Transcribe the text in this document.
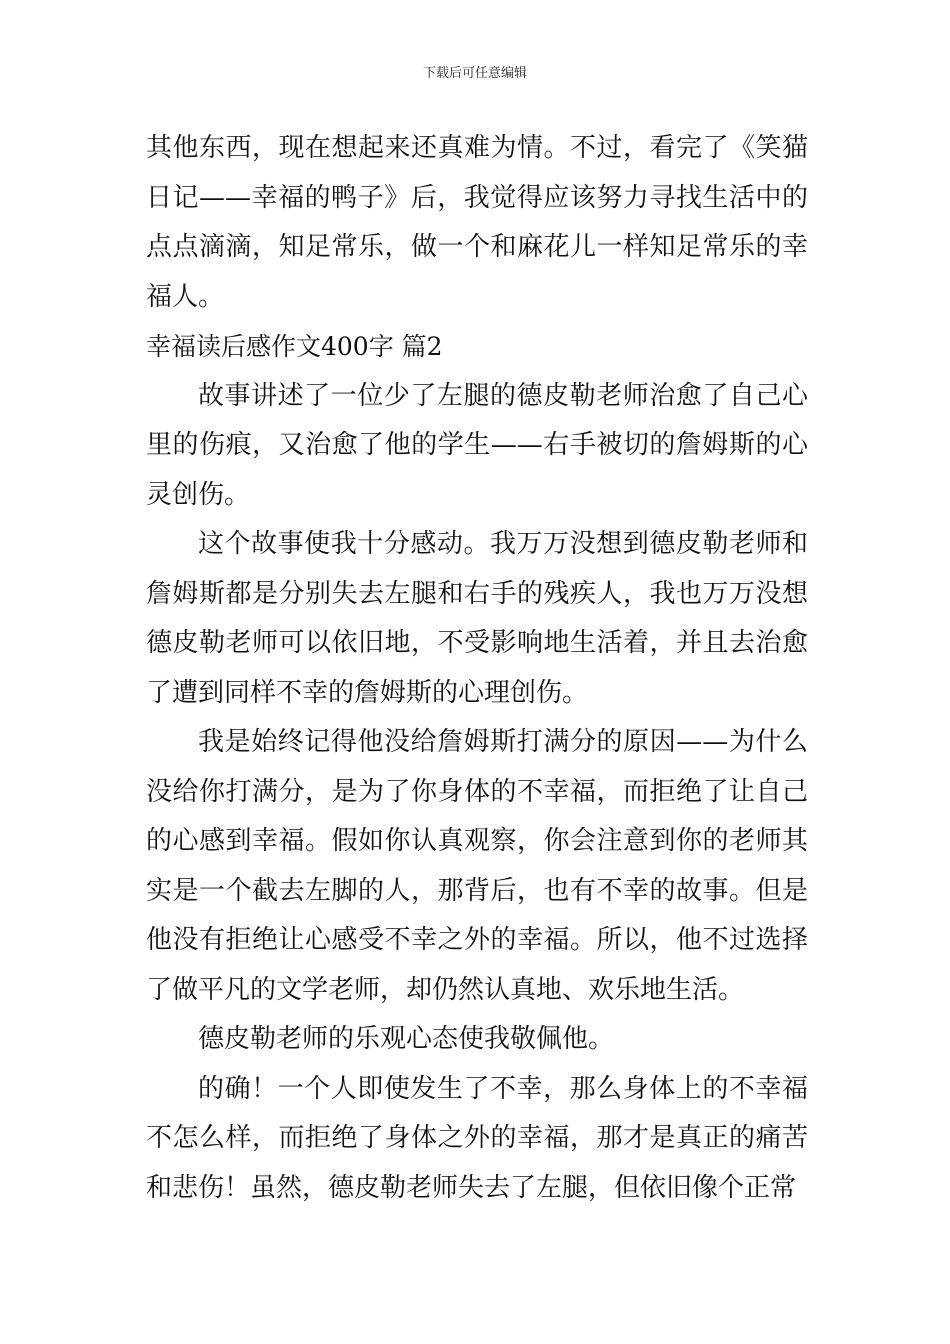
下载后可任意编辑

其他东西，现在想起来还真难为情。不过，看完了《笑猫日记——幸福的鸭子》后，我觉得应该努力寻找生活中的点点滴滴，知足常乐，做一个和麻花儿一样知足常乐的幸福人。

幸福读后感作文400字 篇2

故事讲述了一位少了左腿的德皮勒老师治愈了自己心里的伤痕，又治愈了他的学生——右手被切的詹姆斯的心灵创伤。

这个故事使我十分感动。我万万没想到德皮勒老师和詹姆斯都是分别失去左腿和右手的残疾人，我也万万没想德皮勒老师可以依旧地，不受影响地生活着，并且去治愈了遭到同样不幸的詹姆斯的心理创伤。

我是始终记得他没给詹姆斯打满分的原因——为什么没给你打满分，是为了你身体的不幸福，而拒绝了让自己的心感到幸福。假如你认真观察，你会注意到你的老师其实是一个截去左脚的人，那背后，也有不幸的故事。但是他没有拒绝让心感受不幸之外的幸福。所以，他不过选择了做平凡的文学老师，却仍然认真地、欢乐地生活。

德皮勒老师的乐观心态使我敬佩他。

的确！一个人即使发生了不幸，那么身体上的不幸福不怎么样，而拒绝了身体之外的幸福，那才是真正的痛苦和悲伤！虽然，德皮勒老师失去了左腿，但依旧像个正常
